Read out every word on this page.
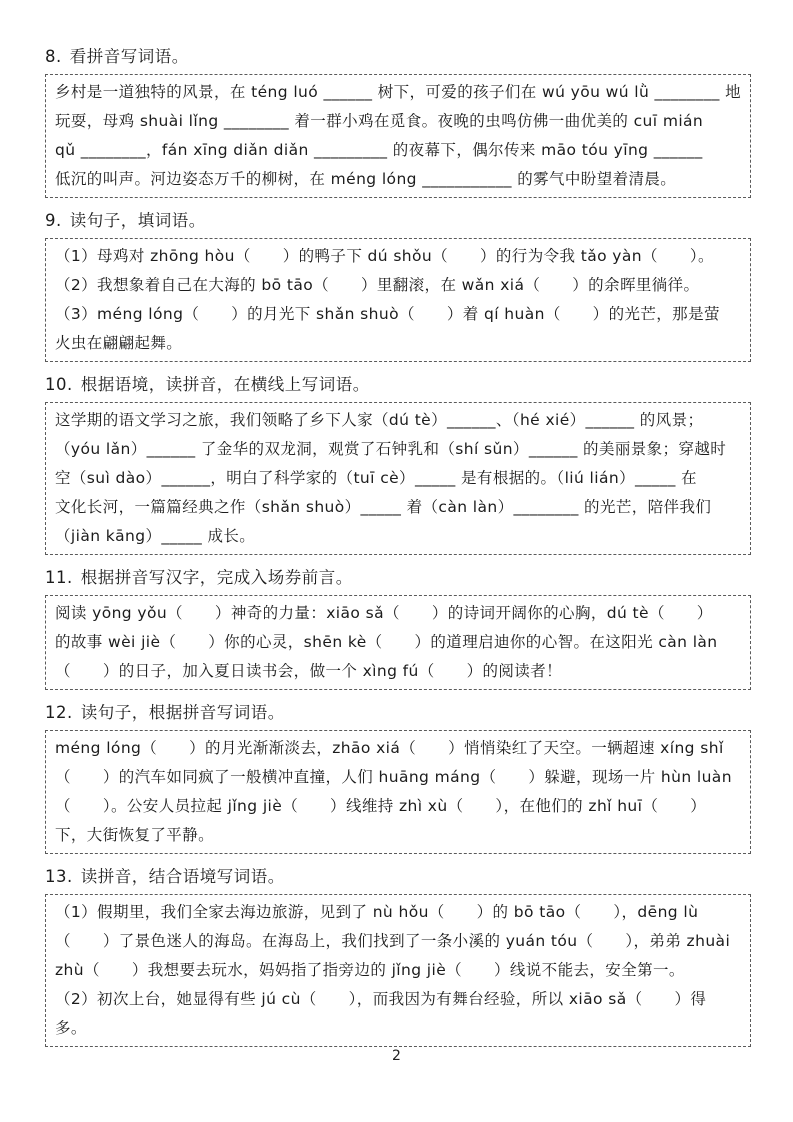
8. 看拼音写词语。
乡村是一道独特的风景，在 téng luó ______ 树下，可爱的孩子们在 wú yōu wú lǜ ________ 地
玩耍，母鸡 shuài lǐng ________ 着一群小鸡在觅食。夜晚的虫鸣仿佛一曲优美的 cuī mián
qǔ ________，fán xīng diǎn diǎn _________ 的夜幕下，偶尔传来 māo tóu yīng ______
低沉的叫声。河边姿态万千的柳树，在 méng lóng ___________ 的雾气中盼望着清晨。
9. 读句子，填词语。
（1）母鸡对 zhōng hòu（      ）的鸭子下 dú shǒu（      ）的行为令我 tǎo yàn（      ）。
（2）我想象着自己在大海的 bō tāo（      ）里翻滚，在 wǎn xiá（      ）的余晖里徜徉。
（3）méng lóng（      ）的月光下 shǎn shuò（      ）着 qí huàn（      ）的光芒，那是萤
火虫在翩翩起舞。
10. 根据语境，读拼音，在横线上写词语。
这学期的语文学习之旅，我们领略了乡下人家（dú tè）______、（hé xié）______ 的风景；
（yóu lǎn）______ 了金华的双龙洞，观赏了石钟乳和（shí sǔn）______ 的美丽景象；穿越时
空（suì dào）______，明白了科学家的（tuī cè）_____ 是有根据的。（liú lián）_____ 在
文化长河，一篇篇经典之作（shǎn shuò）_____ 着（càn làn）________ 的光芒，陪伴我们
（jiàn kāng）_____ 成长。
11. 根据拼音写汉字，完成入场券前言。
阅读 yōng yǒu（      ）神奇的力量：xiāo sǎ（      ）的诗词开阔你的心胸，dú tè（      ）
的故事 wèi jiè（      ）你的心灵，shēn kè（      ）的道理启迪你的心智。在这阳光 càn làn
（      ）的日子，加入夏日读书会，做一个 xìng fú（      ）的阅读者！
12. 读句子，根据拼音写词语。
méng lóng（      ）的月光渐渐淡去，zhāo xiá（      ）悄悄染红了天空。一辆超速 xíng shǐ
（      ）的汽车如同疯了一般横冲直撞，人们 huāng máng（      ）躲避，现场一片 hùn luàn
（      ）。公安人员拉起 jǐng jiè（      ）线维持 zhì xù（      ），在他们的 zhǐ huī（      ）
下，大街恢复了平静。
13. 读拼音，结合语境写词语。
（1）假期里，我们全家去海边旅游，见到了 nù hǒu（      ）的 bō tāo（      ），dēng lù
（      ）了景色迷人的海岛。在海岛上，我们找到了一条小溪的 yuán tóu（      ），弟弟 zhuài
zhù（      ）我想要去玩水，妈妈指了指旁边的 jǐng jiè（      ）线说不能去，安全第一。
（2）初次上台，她显得有些 jú cù（      ），而我因为有舞台经验，所以 xiāo sǎ（      ）得
多。
2
